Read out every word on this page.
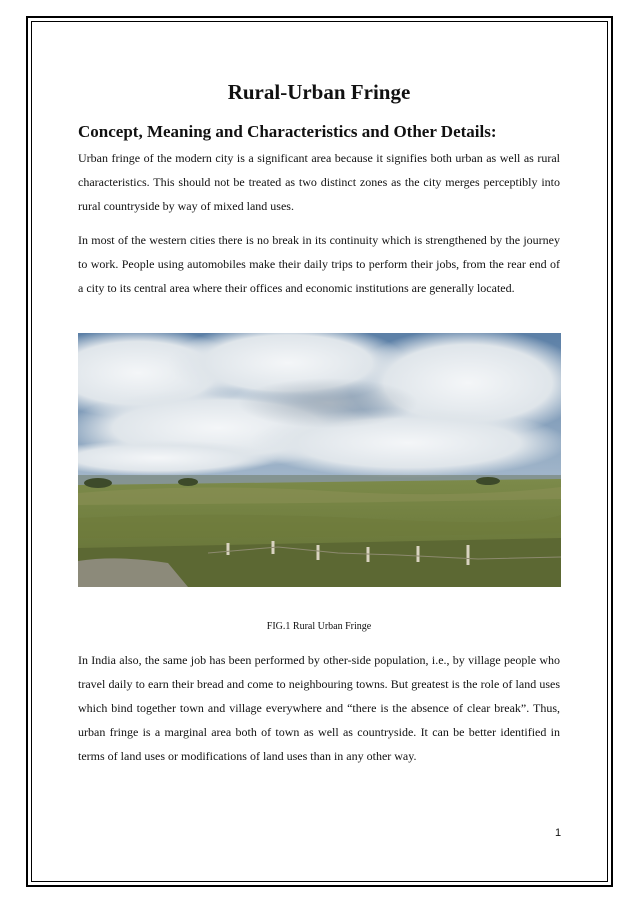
Rural-Urban Fringe
Concept, Meaning and Characteristics and Other Details:
Urban fringe of the modern city is a significant area because it signifies both urban as well as rural characteristics. This should not be treated as two distinct zones as the city merges perceptibly into rural countryside by way of mixed land uses.
In most of the western cities there is no break in its continuity which is strengthened by the journey to work. People using automobiles make their daily trips to perform their jobs, from the rear end of a city to its central area where their offices and economic institutions are generally located.
FIG.1 Rural Urban Fringe
In India also, the same job has been performed by other-side population, i.e., by village people who travel daily to earn their bread and come to neighbouring towns. But greatest is the role of land uses which bind together town and village everywhere and “there is the absence of clear break”. Thus, urban fringe is a marginal area both of town as well as countryside. It can be better identified in terms of land uses or modifications of land uses than in any other way.
1
